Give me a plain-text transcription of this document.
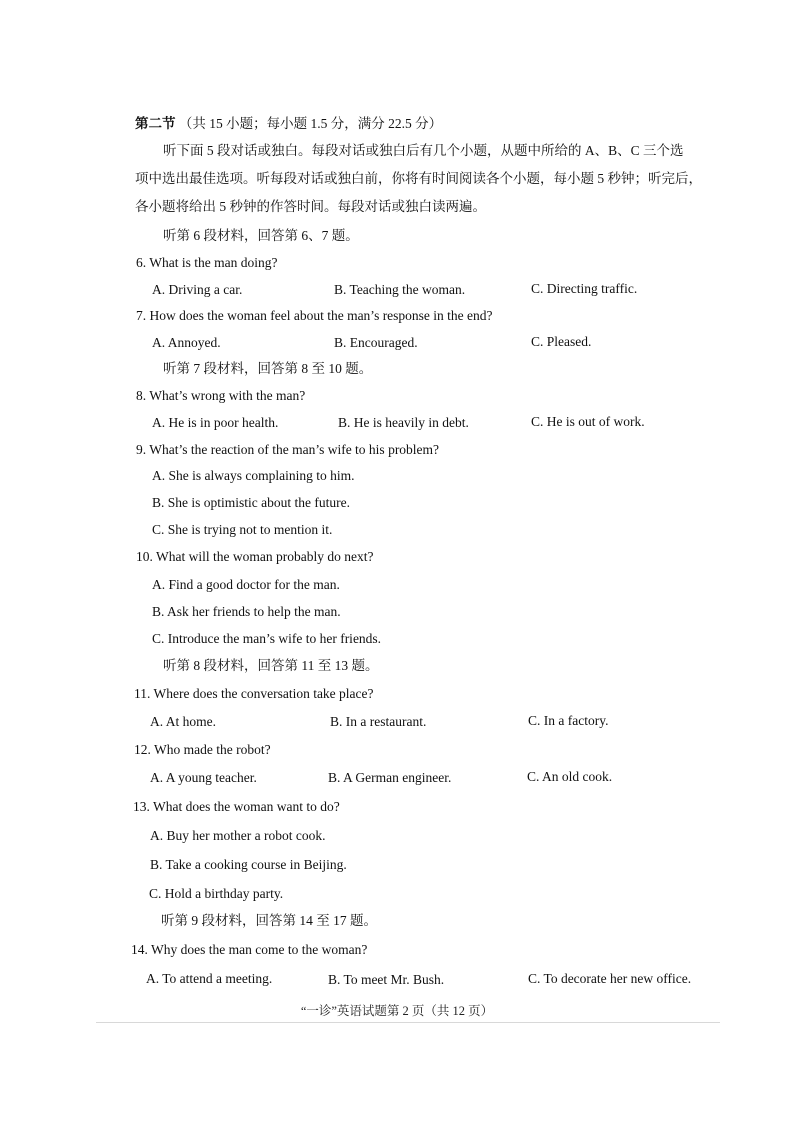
第二节 （共 15 小题；每小题 1.5 分，满分 22.5 分）
听下面 5 段对话或独白。每段对话或独白后有几个小题，从题中所给的 A、B、C 三个选
项中选出最佳选项。听每段对话或独白前，你将有时间阅读各个小题，每小题 5 秒钟；听完后，
各小题将给出 5 秒钟的作答时间。每段对话或独白读两遍。
听第 6 段材料，回答第 6、7 题。
6. What is the man doing?
A. Driving a car.	B. Teaching the woman.	C. Directing traffic.
7. How does the woman feel about the man’s response in the end?
A. Annoyed.	B. Encouraged.	C. Pleased.
听第 7 段材料，回答第 8 至 10 题。
8. What’s wrong with the man?
A. He is in poor health.	B. He is heavily in debt.	C. He is out of work.
9. What’s the reaction of the man’s wife to his problem?
A. She is always complaining to him.
B. She is optimistic about the future.
C. She is trying not to mention it.
10. What will the woman probably do next?
A. Find a good doctor for the man.
B. Ask her friends to help the man.
C. Introduce the man’s wife to her friends.
听第 8 段材料，回答第 11 至 13 题。
11. Where does the conversation take place?
A. At home.	B. In a restaurant.	C. In a factory.
12. Who made the robot?
A. A young teacher.	B. A German engineer.	C. An old cook.
13. What does the woman want to do?
A. Buy her mother a robot cook.
B. Take a cooking course in Beijing.
C. Hold a birthday party.
听第 9 段材料，回答第 14 至 17 题。
14. Why does the man come to the woman?
A. To attend a meeting.	B. To meet Mr. Bush.	C. To decorate her new office.
“一诊”英语试题第 2 页（共 12 页）
